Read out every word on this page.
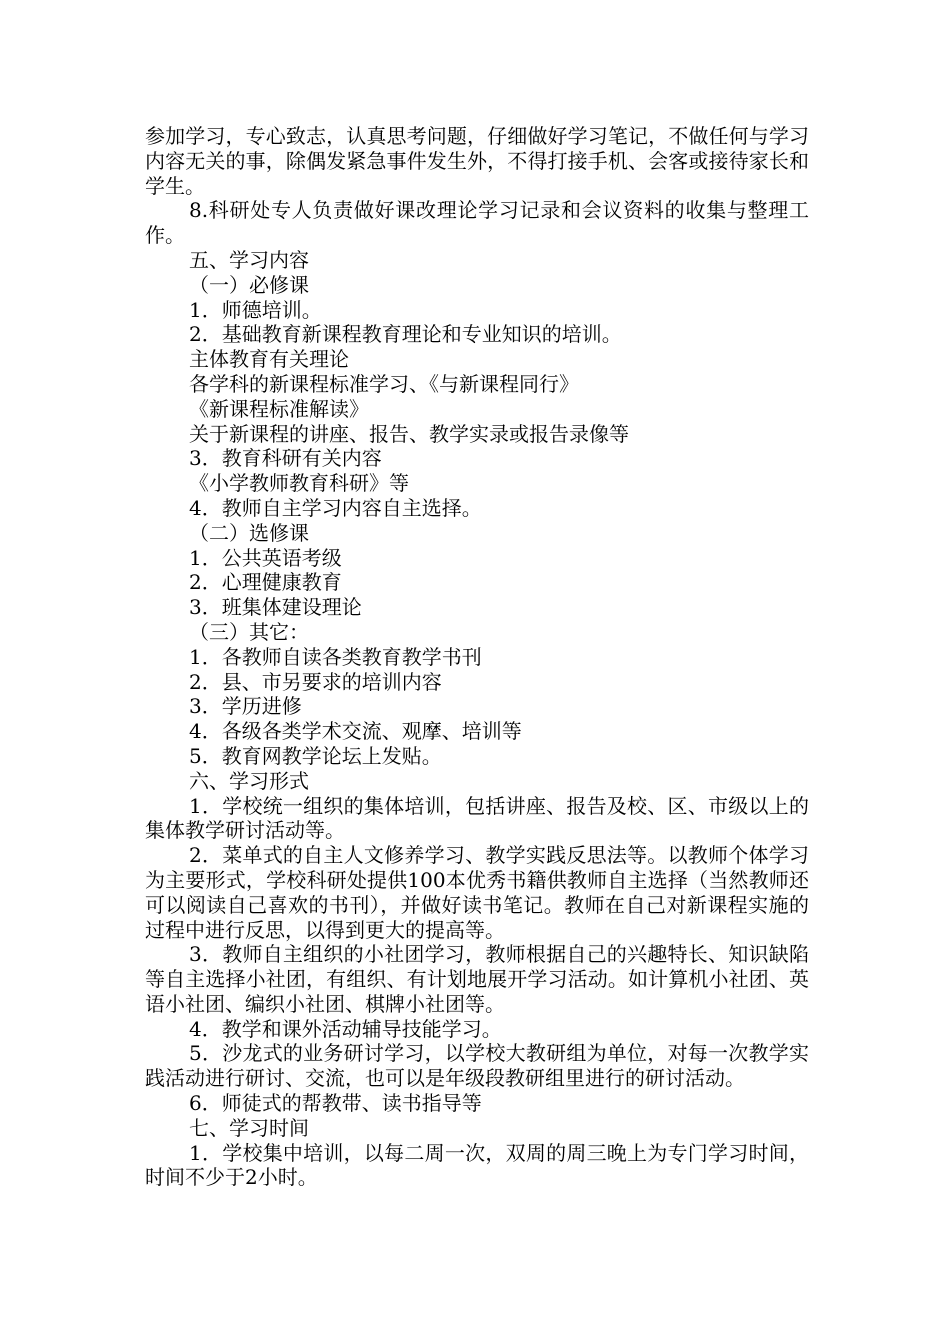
参加学习，专心致志，认真思考问题，仔细做好学习笔记，不做任何与学习内容无关的事，除偶发紧急事件发生外，不得打接手机、会客或接待家长和学生。

8.科研处专人负责做好课改理论学习记录和会议资料的收集与整理工作。

五、学习内容

（一）必修课

1．师德培训。

2．基础教育新课程教育理论和专业知识的培训。

主体教育有关理论

各学科的新课程标准学习、《与新课程同行》

《新课程标准解读》

关于新课程的讲座、报告、教学实录或报告录像等

3．教育科研有关内容

《小学教师教育科研》等

4．教师自主学习内容自主选择。

（二）选修课

1．公共英语考级

2．心理健康教育

3．班集体建设理论

（三）其它：

1．各教师自读各类教育教学书刊

2．县、市另要求的培训内容

3．学历进修

4．各级各类学术交流、观摩、培训等

5．教育网教学论坛上发贴。

六、学习形式

1．学校统一组织的集体培训，包括讲座、报告及校、区、市级以上的集体教学研讨活动等。

2．菜单式的自主人文修养学习、教学实践反思法等。以教师个体学习为主要形式，学校科研处提供100本优秀书籍供教师自主选择（当然教师还可以阅读自己喜欢的书刊），并做好读书笔记。教师在自己对新课程实施的过程中进行反思，以得到更大的提高等。

3．教师自主组织的小社团学习，教师根据自己的兴趣特长、知识缺陷等自主选择小社团，有组织、有计划地展开学习活动。如计算机小社团、英语小社团、编织小社团、棋牌小社团等。

4．教学和课外活动辅导技能学习。

5．沙龙式的业务研讨学习，以学校大教研组为单位，对每一次教学实践活动进行研讨、交流，也可以是年级段教研组里进行的研讨活动。

6．师徒式的帮教带、读书指导等

七、学习时间

1．学校集中培训，以每二周一次，双周的周三晚上为专门学习时间，时间不少于2小时。
